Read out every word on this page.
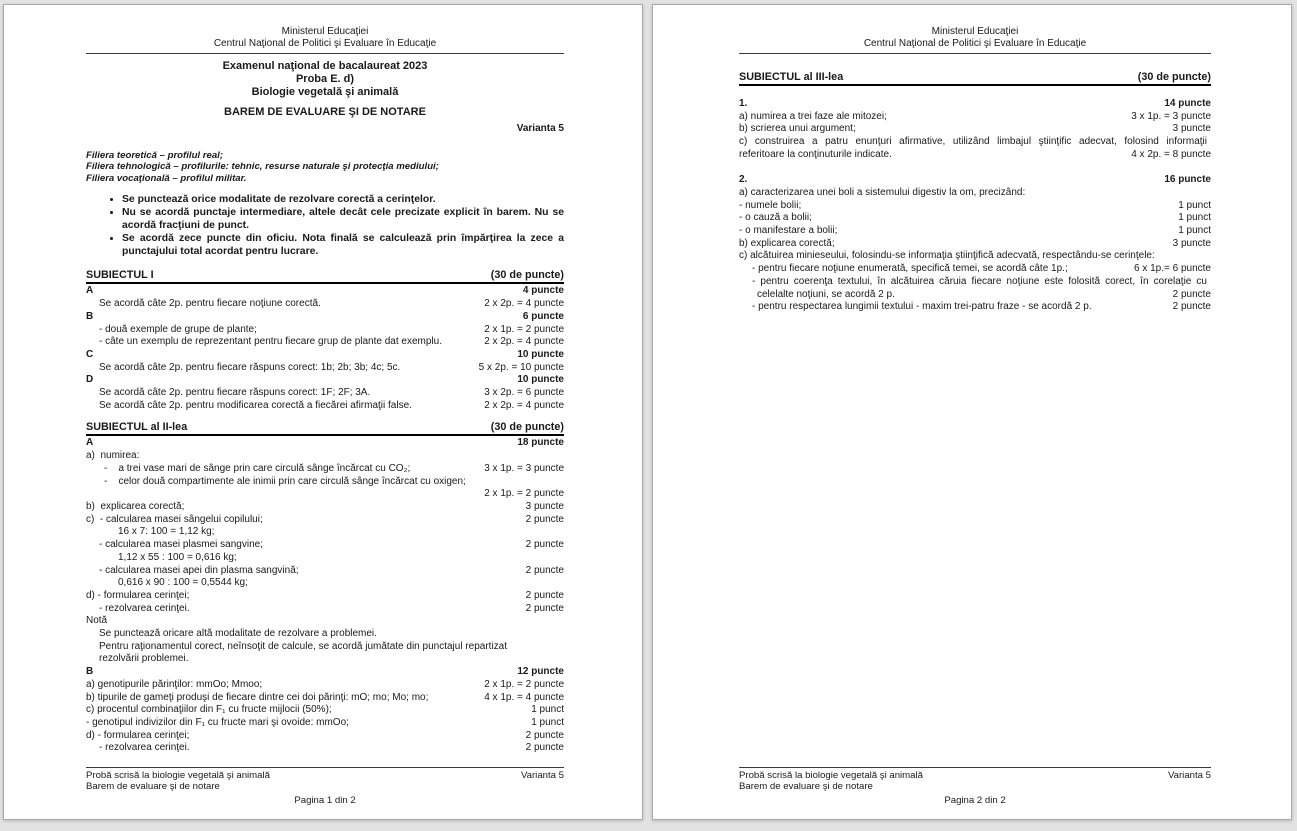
Ministerul Educaţiei
Centrul Naţional de Politici şi Evaluare în Educaţie
Examenul naţional de bacalaureat 2023
Proba E. d)
Biologie vegetală şi animală
BAREM DE EVALUARE ŞI DE NOTARE
Varianta 5
Filiera teoretică – profilul real;
Filiera tehnologică – profilurile: tehnic, resurse naturale şi protecţia mediului;
Filiera vocaţională – profilul militar.
Se punctează orice modalitate de rezolvare corectă a cerinţelor.
Nu se acordă punctaje intermediare, altele decât cele precizate explicit în barem. Nu se acordă fracţiuni de punct.
Se acordă zece puncte din oficiu. Nota finală se calculează prin împărţirea la zece a punctajului total acordat pentru lucrare.
SUBIECTUL I	(30 de puncte)
A	4 puncte
Se acordă câte 2p. pentru fiecare noţiune corectă.	2 x 2p. = 4 puncte
B	6 puncte
- două exemple de grupe de plante;	2 x 1p. = 2 puncte
- câte un exemplu de reprezentant pentru fiecare grup de plante dat exemplu.	2 x 2p. = 4 puncte
C	10 puncte
Se acordă câte 2p. pentru fiecare răspuns corect: 1b; 2b; 3b; 4c; 5c.	5 x 2p. = 10 puncte
D	10 puncte
Se acordă câte 2p. pentru fiecare răspuns corect: 1F; 2F; 3A.	3 x 2p. = 6 puncte
Se acordă câte 2p. pentru modificarea corectă a fiecărei afirmaţii false.	2 x 2p. = 4 puncte
SUBIECTUL al II-lea	(30 de puncte)
A	18 puncte
a)  numirea:
-    a trei vase mari de sânge prin care circulă sânge încărcat cu CO₂;	3 x 1p. = 3 puncte
-    celor două compartimente ale inimii prin care circulă sânge încărcat cu oxigen;
2 x 1p. = 2 puncte
b)  explicarea corectă;	3 puncte
c)  - calcularea masei sângelui copilului;	2 puncte
16 x 7: 100 = 1,12 kg;
- calcularea masei plasmei sangvine;	2 puncte
1,12 x 55 : 100 = 0,616 kg;
- calcularea masei apei din plasma sangvină;	2 puncte
0,616 x 90 : 100 = 0,5544 kg;
d) - formularea cerinţei;	2 puncte
- rezolvarea cerinţei.	2 puncte
Notă
Se punctează oricare altă modalitate de rezolvare a problemei.
Pentru raţionamentul corect, neînsoţit de calcule, se acordă jumătate din punctajul repartizat
rezolvării problemei.
B	12 puncte
a) genotipurile părinţilor: mmOo; Mmoo;	2 x 1p. = 2 puncte
b) tipurile de gameţi produşi de fiecare dintre cei doi părinţi: mO; mo; Mo; mo;	4 x 1p. = 4 puncte
c) procentul combinaţiilor din F₁ cu fructe mijlocii (50%);	1 punct
- genotipul indivizilor din F₁ cu fructe mari şi ovoide: mmOo;	1 punct
d) - formularea cerinţei;	2 puncte
- rezolvarea cerinţei.	2 puncte
Probă scrisă la biologie vegetală şi animală
Barem de evaluare şi de notare
Varianta 5
Pagina 1 din 2
Ministerul Educaţiei
Centrul Naţional de Politici şi Evaluare în Educaţie
SUBIECTUL al III-lea	(30 de puncte)
1.	14 puncte
a) numirea a trei faze ale mitozei;	3 x 1p. = 3 puncte
b) scrierea unui argument;	3 puncte
c) construirea a patru enunţuri afirmative, utilizând limbajul ştiinţific adecvat, folosind informaţii
referitoare la conţinuturile indicate.	4 x 2p. = 8 puncte
2.	16 puncte
a) caracterizarea unei boli a sistemului digestiv la om, precizând:
- numele bolii;	1 punct
- o cauză a bolii;	1 punct
- o manifestare a bolii;	1 punct
b) explicarea corectă;	3 puncte
c) alcătuirea minieseului, folosindu-se informaţia ştiinţifică adecvată, respectându-se cerinţele:
- pentru fiecare noţiune enumerată, specifică temei, se acordă câte 1p.;	6 x 1p.= 6 puncte
- pentru coerenţa textului, în alcătuirea căruia fiecare noţiune este folosită corect, în corelaţie cu
celelalte noţiuni, se acordă 2 p.	2 puncte
- pentru respectarea lungimii textului - maxim trei-patru fraze - se acordă 2 p.	2 puncte
Probă scrisă la biologie vegetală şi animală
Barem de evaluare şi de notare
Varianta 5
Pagina 2 din 2
